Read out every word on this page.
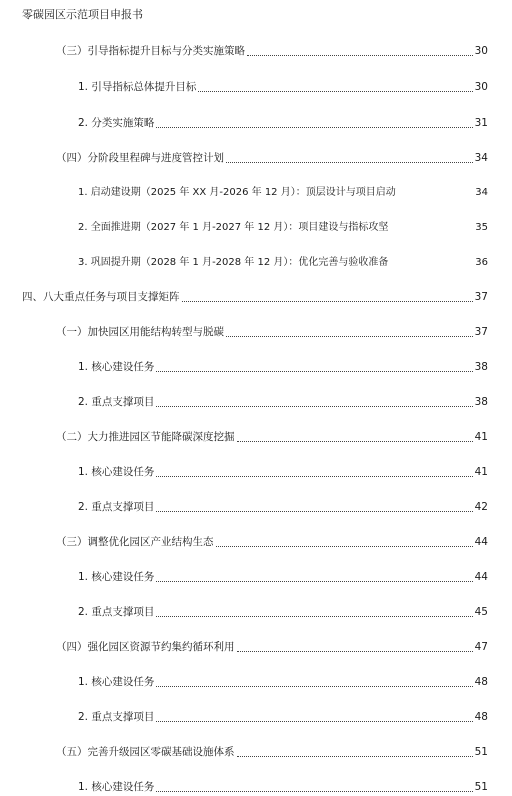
零碳园区示范项目申报书
（三）引导指标提升目标与分类实施策略	30
1. 引导指标总体提升目标	30
2. 分类实施策略	31
（四）分阶段里程碑与进度管控计划	34
1. 启动建设期（2025 年 XX 月-2026 年 12 月）：顶层设计与项目启动	34
2. 全面推进期（2027 年 1 月-2027 年 12 月）：项目建设与指标攻坚	35
3. 巩固提升期（2028 年 1 月-2028 年 12 月）：优化完善与验收准备	36
四、八大重点任务与项目支撑矩阵	37
（一）加快园区用能结构转型与脱碳	37
1. 核心建设任务	38
2. 重点支撑项目	38
（二）大力推进园区节能降碳深度挖掘	41
1. 核心建设任务	41
2. 重点支撑项目	42
（三）调整优化园区产业结构生态	44
1. 核心建设任务	44
2. 重点支撑项目	45
（四）强化园区资源节约集约循环利用	47
1. 核心建设任务	48
2. 重点支撑项目	48
（五）完善升级园区零碳基础设施体系	51
1. 核心建设任务	51
